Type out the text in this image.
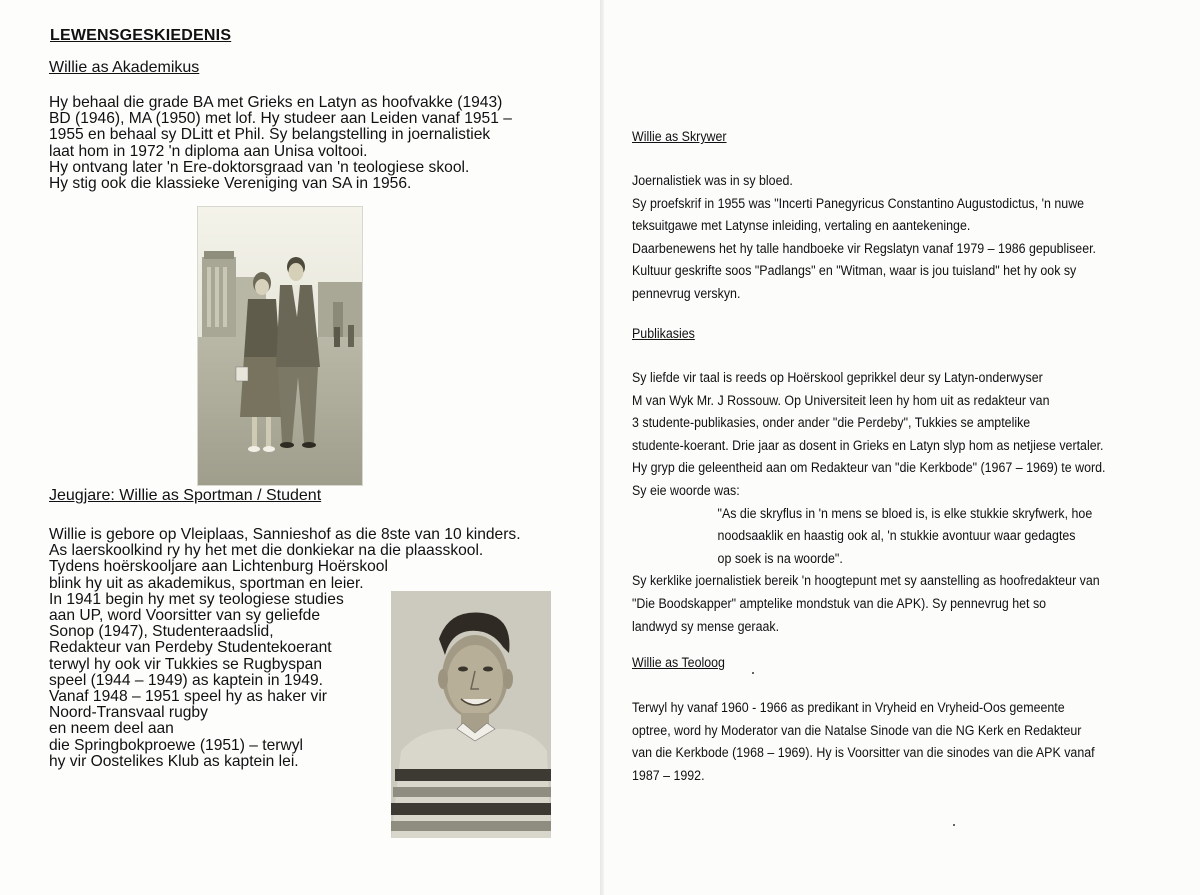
LEWENSGESKIEDENIS
Willie as Akademikus
Hy behaal die grade BA met Grieks en Latyn as hoofvakke (1943)
BD (1946), MA (1950) met lof. Hy studeer aan Leiden vanaf 1951 –
1955 en behaal sy DLitt et Phil. Sy belangstelling in joernalistiek
laat hom in 1972 'n diploma aan Unisa voltooi.
Hy ontvang later 'n Ere-doktorsgraad van 'n teologiese skool.
Hy stig ook die klassieke Vereniging van SA in 1956.
Jeugjare: Willie as Sportman / Student
Willie is gebore op Vleiplaas, Sannieshof as die 8ste van 10 kinders.
As laerskoolkind ry hy het met die donkiekar na die plaasskool.
Tydens hoërskooljare aan Lichtenburg Hoërskool
blink hy uit as akademikus, sportman en leier.
In 1941 begin hy met sy teologiese studies
aan UP, word Voorsitter van sy geliefde
Sonop (1947), Studenteraadslid,
Redakteur van Perdeby Studentekoerant
terwyl hy ook vir Tukkies se Rugbyspan
speel (1944 – 1949) as kaptein in 1949.
Vanaf 1948 – 1951 speel hy as haker vir
Noord-Transvaal rugby
en neem deel aan
die Springbokproewe (1951) – terwyl
hy vir Oostelikes Klub as kaptein lei.
Willie as Skrywer
Joernalistiek was in sy bloed.
Sy proefskrif in 1955 was "Incerti Panegyricus Constantino Augustodictus, 'n nuwe
teksuitgawe met Latynse inleiding, vertaling en aantekeninge.
Daarbenewens het hy talle handboeke vir Regslatyn vanaf 1979 – 1986 gepubliseer.
Kultuur geskrifte soos "Padlangs" en "Witman, waar is jou tuisland" het hy ook sy
pennevrug verskyn.
Publikasies
Sy liefde vir taal is reeds op Hoërskool geprikkel deur sy Latyn-onderwyser
M van Wyk Mr. J Rossouw. Op Universiteit leen hy hom uit as redakteur van
3 studente-publikasies, onder ander "die Perdeby", Tukkies se amptelike
studente-koerant. Drie jaar as dosent in Grieks en Latyn slyp hom as netjiese vertaler.
Hy gryp die geleentheid aan om Redakteur van "die Kerkbode" (1967 – 1969) te word.
Sy eie woorde was:
"As die skryflus in 'n mens se bloed is, is elke stukkie skryfwerk, hoe
noodsaaklik en haastig ook al, 'n stukkie avontuur waar gedagtes
op soek is na woorde".
Sy kerklike joernalistiek bereik 'n hoogtepunt met sy aanstelling as hoofredakteur van
"Die Boodskapper" amptelike mondstuk van die APK). Sy pennevrug het so
landwyd sy mense geraak.
Willie as Teoloog
Terwyl hy vanaf 1960 - 1966 as predikant in Vryheid en Vryheid-Oos gemeente
optree, word hy Moderator van die Natalse Sinode van die NG Kerk en Redakteur
van die Kerkbode (1968 – 1969). Hy is Voorsitter van die sinodes van die APK vanaf
1987 – 1992.
